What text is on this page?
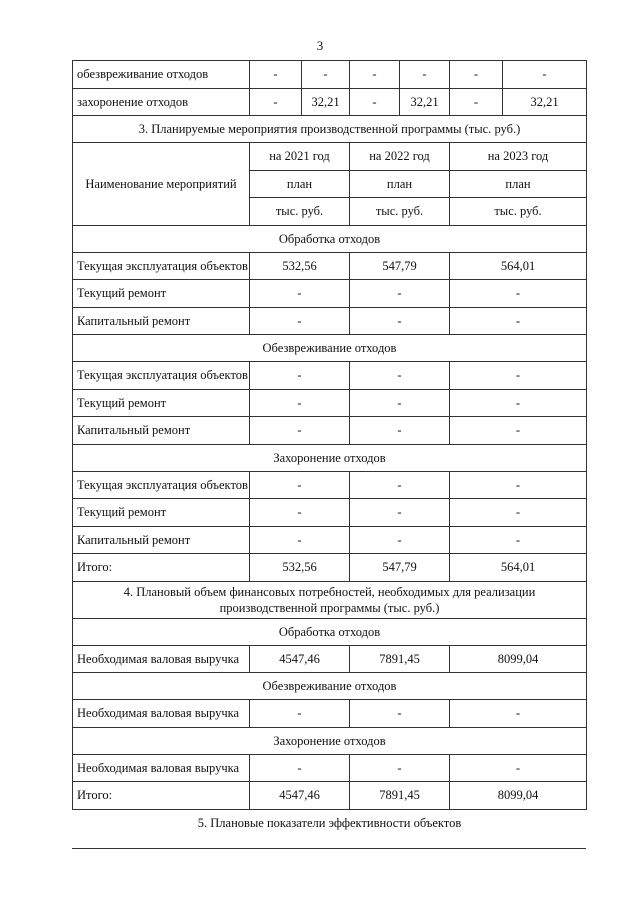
3
обезвреживание отходов	-	-	-	-	-	-
захоронение отходов	-	32,21	-	32,21	-	32,21
3. Планируемые мероприятия производственной программы (тыс. руб.)						
Наименование мероприятий	на 2021 год		на 2022 год		на 2023 год	
	план		план		план	
	тыс. руб.		тыс. руб.		тыс. руб.	
Обработка отходов						
Текущая эксплуатация объектов	532,56		547,79		564,01	
Текущий ремонт	-		-		-	
Капитальный ремонт	-		-		-	
Обезвреживание отходов						
Текущая эксплуатация объектов	-		-		-	
Текущий ремонт	-		-		-	
Капитальный ремонт	-		-		-	
Захоронение отходов						
Текущая эксплуатация объектов	-		-		-	
Текущий ремонт	-		-		-	
Капитальный ремонт	-		-		-	
Итого:	532,56		547,79		564,01	
4. Плановый объем финансовых потребностей, необходимых для реализации производственной программы (тыс. руб.)						
Обработка отходов						
Необходимая валовая выручка	4547,46		7891,45		8099,04	
Обезвреживание отходов						
Необходимая валовая выручка	-		-		-	
Захоронение отходов						
Необходимая валовая выручка	-		-		-	
Итого:	4547,46		7891,45		8099,04	
5. Плановые показатели эффективности объектов						
